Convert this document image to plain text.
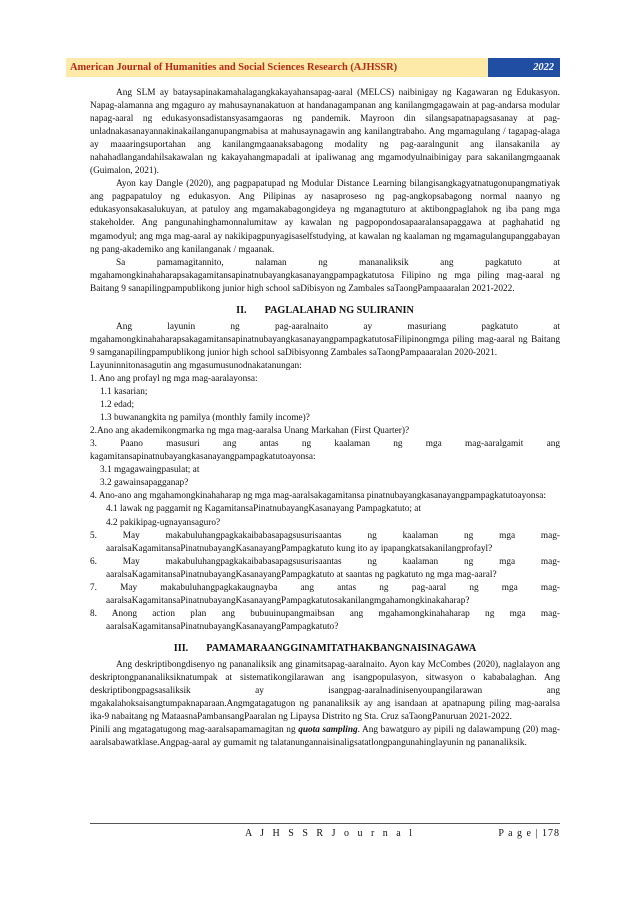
American Journal of Humanities and Social Sciences Research (AJHSSR)	2022

Ang SLM ay bataysapinakamahalagangkakayahansapag-aaral (MELCS) naibinigay ng Kagawaran ng Edukasyon. Napag-alamanna ang mgaguro ay mahusaynanakatuon at handanagampanan ang kanilangmgagawain at pag-andarsa modular napag-aaral ng edukasyonsadistansyasamgaoras ng pandemik. Mayroon din silangsapatnapagsasanay at pag-unladnakasanayannakinakailanganupangmabisa at mahusaynagawin ang kanilangtrabaho. Ang mgamagulang / tagapag-alaga ay maaaringsuportahan ang kanilangmgaanaksabagong modality ng pag-aaralngunit ang ilansakanila ay nahahadlangandahilsakawalan ng kakayahangmapadali at ipaliwanag ang mgamodyulnaibinigay para sakanilangmgaanak (Guimalon, 2021).

Ayon kay Dangle (2020), ang pagpapatupad ng Modular Distance Learning bilangisangkagyatnatugonupangmatiyak ang pagpapatuloy ng edukasyon. Ang Pilipinas ay nasaproseso ng pag-angkopsabagong normal naanyo ng edukasyonsakasalukuyan, at patuloy ang mgamakabagongideya ng mganagtuturo at aktibongpaglahok ng iba pang mga stakeholder. Ang pangunahinghamonnalumitaw ay kawalan ng pagpopondosapaaralansapaggawa at paghahatid ng mgamodyul; ang mga mag-aaral ay nakikipagpunyagisaselfstudying, at kawalan ng kaalaman ng mgamagulangupanggabayan ng pang-akademiko ang kanilanganak / mgaanak.

Sa pamamagitannito, nalaman ng mananaliksik ang pagkatuto at mgahamongkinahaharapsakagamitansapinatnubayangkasanayangpampagkatutosa Filipino ng mga piling mag-aaral ng Baitang 9 sanapilingpampublikong junior high school saDibisyon ng Zambales saTaongPampaaaralan 2021-2022.

II. PAGLALAHAD NG SULIRANIN

Ang layunin ng pag-aaralnaito ay masuriang pagkatuto at mgahamongkinahaharapsakagamitansapinatnubayangkasanayangpampagkatutosaFilipinongmga piling mag-aaral ng Baitang 9 samganapilingpampublikong junior high school saDibisyonng Zambales saTaongPampaaaralan 2020-2021.

Layuninnitonasagutin ang mgasumusunodnakatanungan:

1. Ano ang profayl ng mga mag-aaralayonsa:

1.1 kasarian;

1.2 edad;

1.3 buwanangkita ng pamilya (monthly family income)?

2.Ano ang akademikongmarka ng mga mag-aaralsa Unang Markahan (First Quarter)?

3. Paano masusuri ang antas ng kaalaman ng mga mag-aaralgamit ang kagamitansapinatnubayangkasanayangpampagkatutoayonsa:

3.1 mgagawaingpasulat; at

3.2 gawainsapagganap?

4. Ano-ano ang mgahamongkinahaharap ng mga mag-aaralsakagamitansa pinatnubayangkasanayangpampagkatutoayonsa:

4.1 lawak ng paggamit ng KagamitansaPinatnubayangKasanayang Pampagkatuto; at

4.2 pakikipag-ugnayansaguro?

5. May makabuluhangpagkakaibabasapagsusurisaantas ng kaalaman ng mga mag-aaralsaKagamitansaPinatnubayangKasanayangPampagkatuto kung ito ay ipapangkatsakanilangprofayl?

6. May makabuluhangpagkakaibabasapagsusurisaantas ng kaalaman ng mga mag-aaralsaKagamitansaPinatnubayangKasanayangPampagkatuto at saantas ng pagkatuto ng mga mag-aaral?

7. May makabuluhangpagkakaugnayba ang antas ng pag-aaral ng mga mag-aaralsaKagamitansaPinatnubayangKasanayangPampagkatutosakanilangmgahamongkinakaharap?

8. Anong action plan ang bubuuinupangmaibsan ang mgahamongkinahaharap ng mga mag-aaralsaKagamitansaPinatnubayangKasanayangPampagkatuto?

III. PAMAMARAANGGINAMITATHAKBANGNAISINAGAWA

Ang deskriptibongdisenyo ng pananaliksik ang ginamitsapag-aaralnaito. Ayon kay McCombes (2020), naglalayon ang deskriptongpananaliksiknatumpak at sistematikongilarawan ang isangpopulasyon, sitwasyon o kababalaghan. Ang deskriptibongpagsasaliksik ay isangpag-aaralnadinisenyoupangilarawan ang mgakalahoksaisangtumpaknaparaan.Angmgatagatugon ng pananaliksik ay ang isandaan at apatnapung piling mag-aaralsa ika-9 nabaitang ng MataasnaPambansangPaaralan ng Lipaysa Distrito ng Sta. Cruz saTaongPanuruan 2021-2022.

Pinili ang mgatagatugong mag-aaralsapamamagitan ng quota sampling. Ang bawatguro ay pipili ng dalawampung (20) mag-aaralsabawatklase.Angpag-aaral ay gumamit ng talatanungannaisinaligsatatlongpangunahinglayunin ng pananaliksik.

A J H S S R J o u r n a l	P a g e | 178
